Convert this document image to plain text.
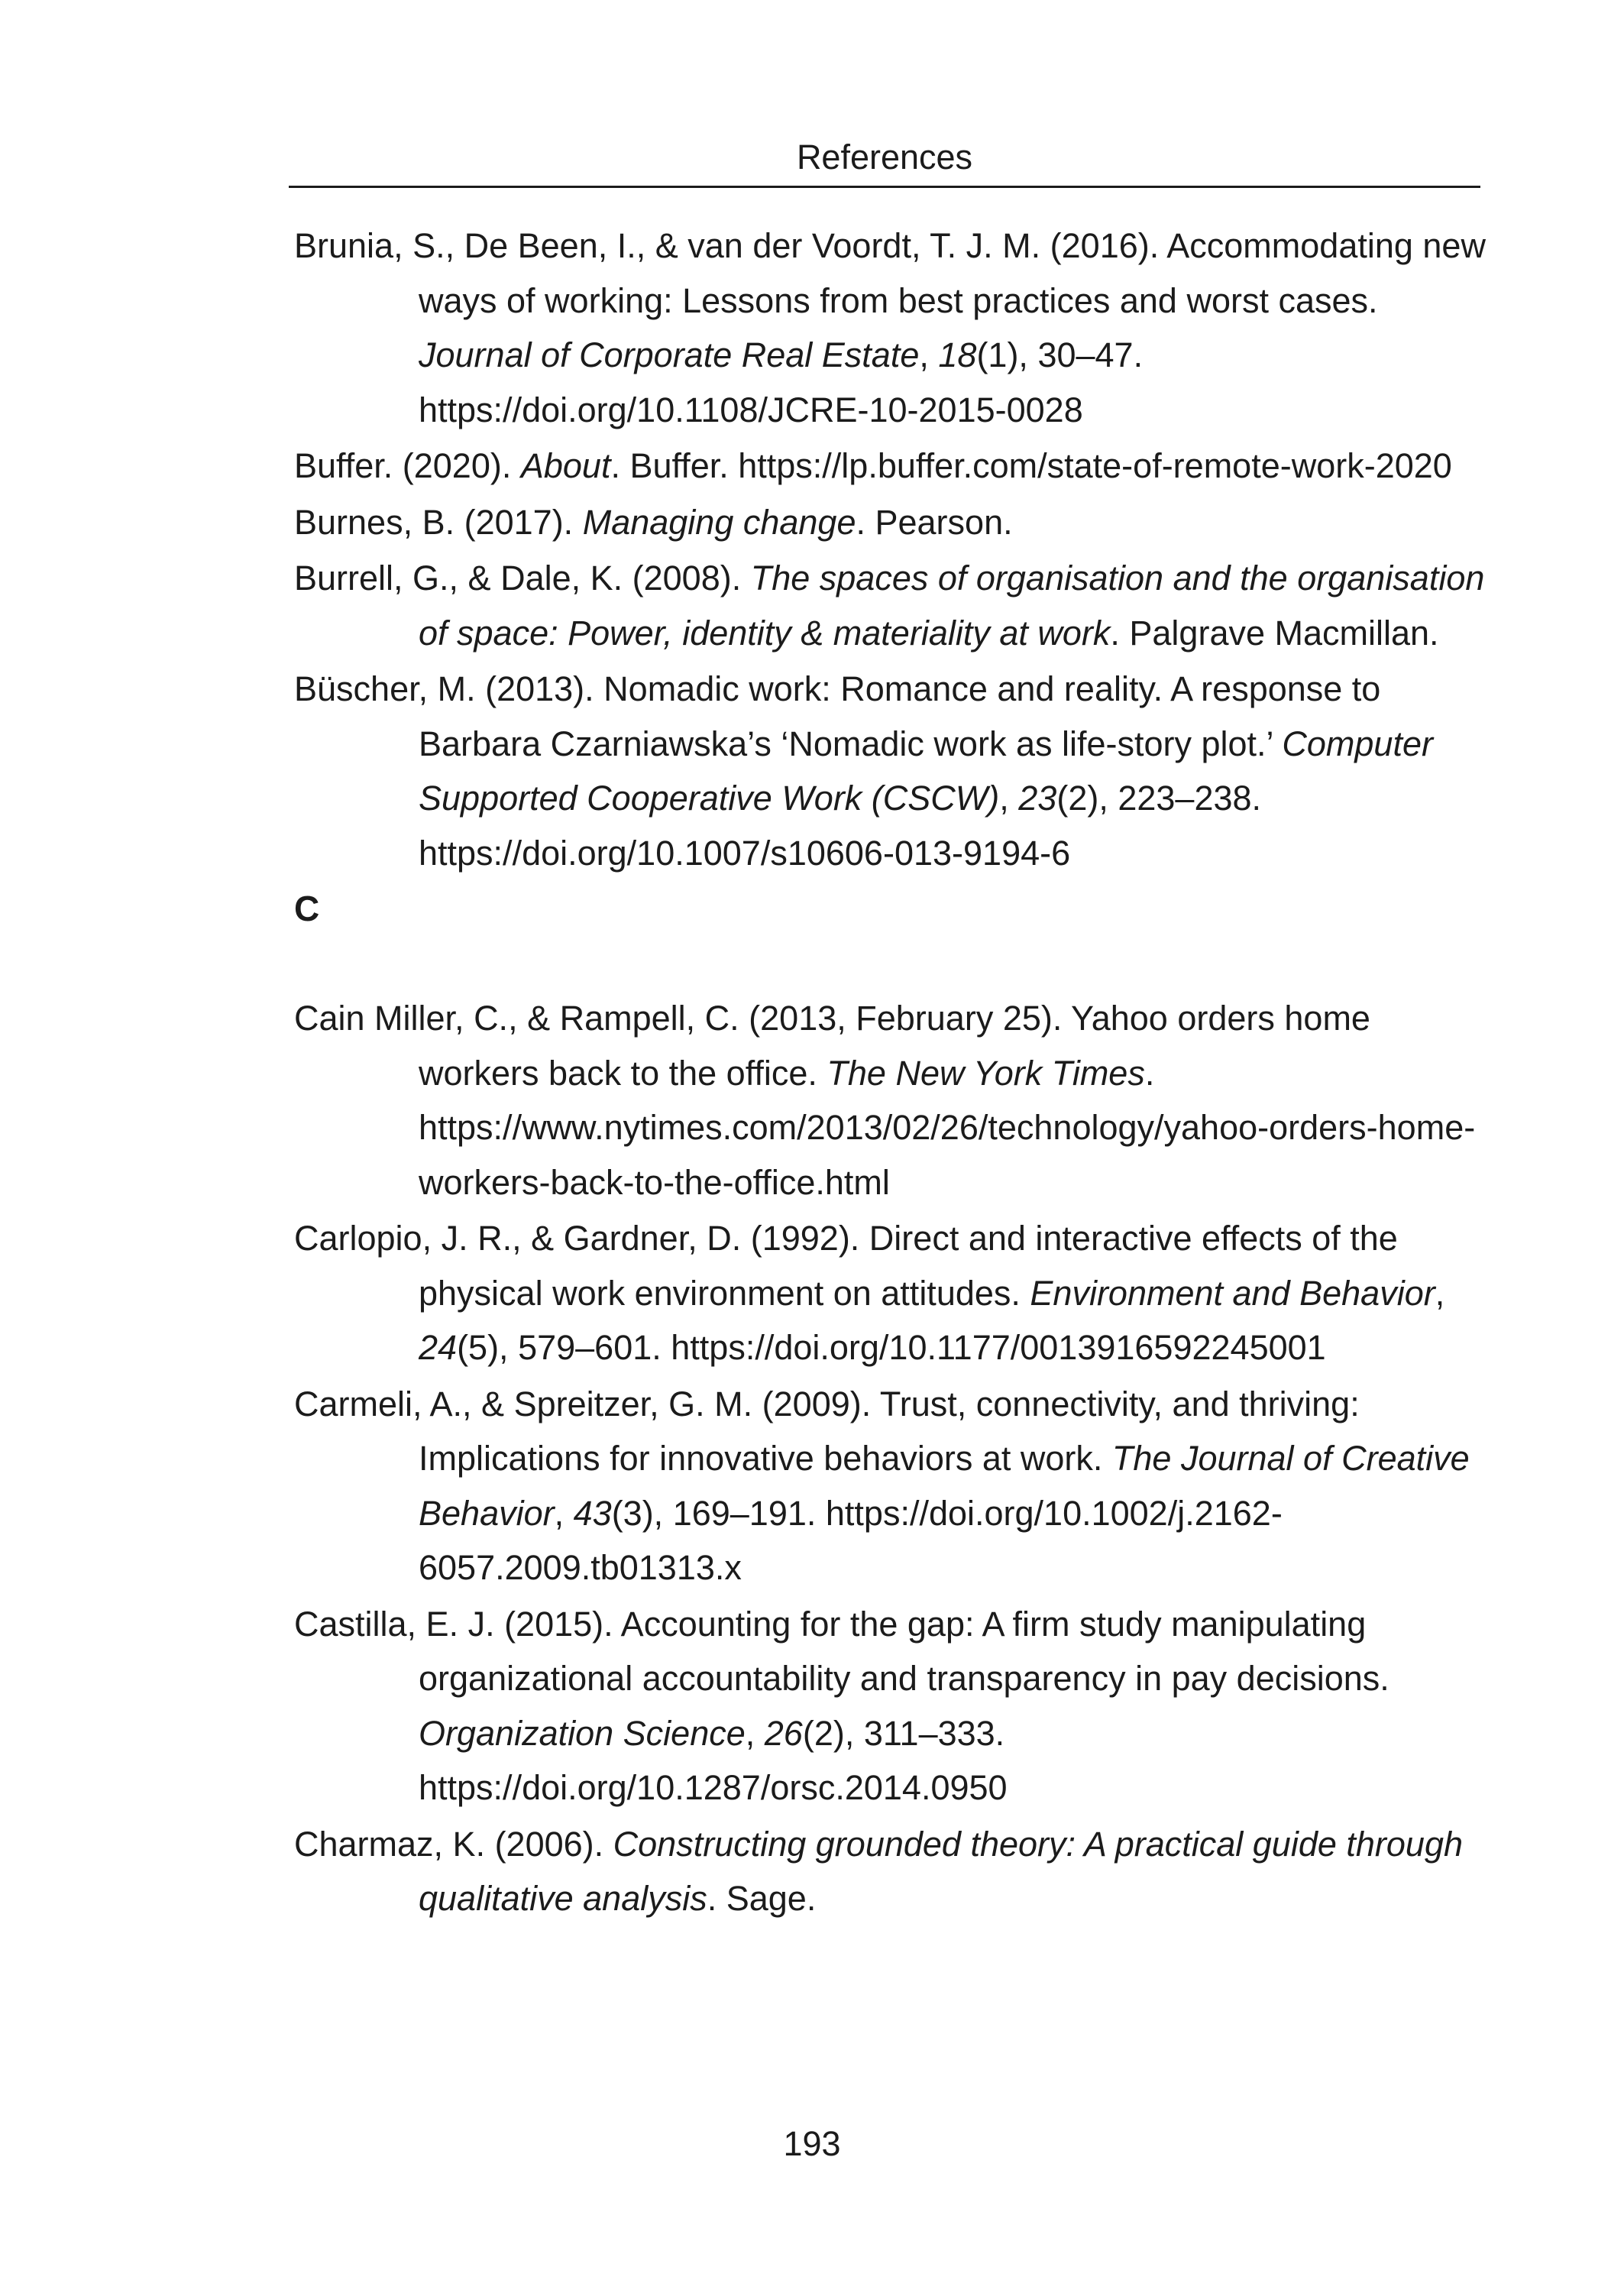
References

Brunia, S., De Been, I., & van der Voordt, T. J. M. (2016). Accommodating new ways of working: Lessons from best practices and worst cases. Journal of Corporate Real Estate, 18(1), 30–47. https://doi.org/10.1108/JCRE-10-2015-0028

Buffer. (2020). About. Buffer. https://lp.buffer.com/state-of-remote-work-2020

Burnes, B. (2017). Managing change. Pearson.

Burrell, G., & Dale, K. (2008). The spaces of organisation and the organisation of space: Power, identity & materiality at work. Palgrave Macmillan.

Büscher, M. (2013). Nomadic work: Romance and reality. A response to Barbara Czarniawska’s ‘Nomadic work as life-story plot.’ Computer Supported Cooperative Work (CSCW), 23(2), 223–238. https://doi.org/10.1007/s10606-013-9194-6

C

Cain Miller, C., & Rampell, C. (2013, February 25). Yahoo orders home workers back to the office. The New York Times. https://www.nytimes.com/2013/02/26/technology/yahoo-orders-home-workers-back-to-the-office.html

Carlopio, J. R., & Gardner, D. (1992). Direct and interactive effects of the physical work environment on attitudes. Environment and Behavior, 24(5), 579–601. https://doi.org/10.1177/0013916592245001

Carmeli, A., & Spreitzer, G. M. (2009). Trust, connectivity, and thriving: Implications for innovative behaviors at work. The Journal of Creative Behavior, 43(3), 169–191. https://doi.org/10.1002/j.2162-6057.2009.tb01313.x

Castilla, E. J. (2015). Accounting for the gap: A firm study manipulating organizational accountability and transparency in pay decisions. Organization Science, 26(2), 311–333. https://doi.org/10.1287/orsc.2014.0950

Charmaz, K. (2006). Constructing grounded theory: A practical guide through qualitative analysis. Sage.

193
